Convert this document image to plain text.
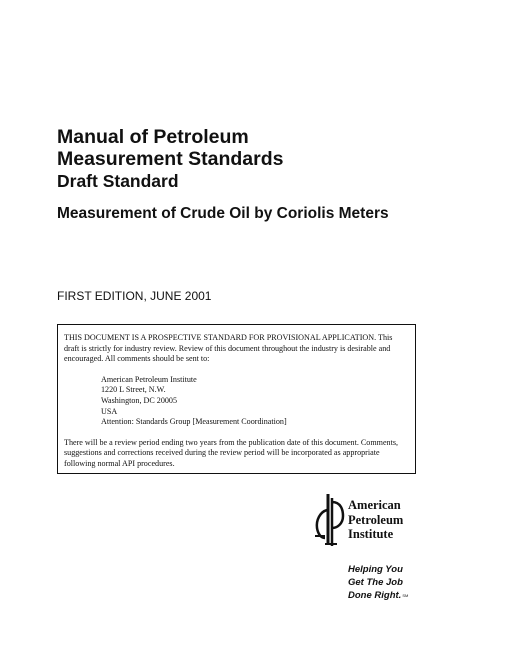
Manual of Petroleum
Measurement Standards
Draft Standard
Measurement of Crude Oil by Coriolis Meters
FIRST EDITION, JUNE 2001

THIS DOCUMENT IS A PROSPECTIVE STANDARD FOR PROVISIONAL APPLICATION. This draft is strictly for industry review. Review of this document throughout the industry is desirable and encouraged. All comments should be sent to:

American Petroleum Institute
1220 L Street, N.W.
Washington, DC 20005
USA
Attention: Standards Group [Measurement Coordination]

There will be a review period ending two years from the publication date of this document. Comments, suggestions and corrections received during the review period will be incorporated as appropriate following normal API procedures.

American
Petroleum
Institute
Helping You
Get The Job
Done Right.℠
